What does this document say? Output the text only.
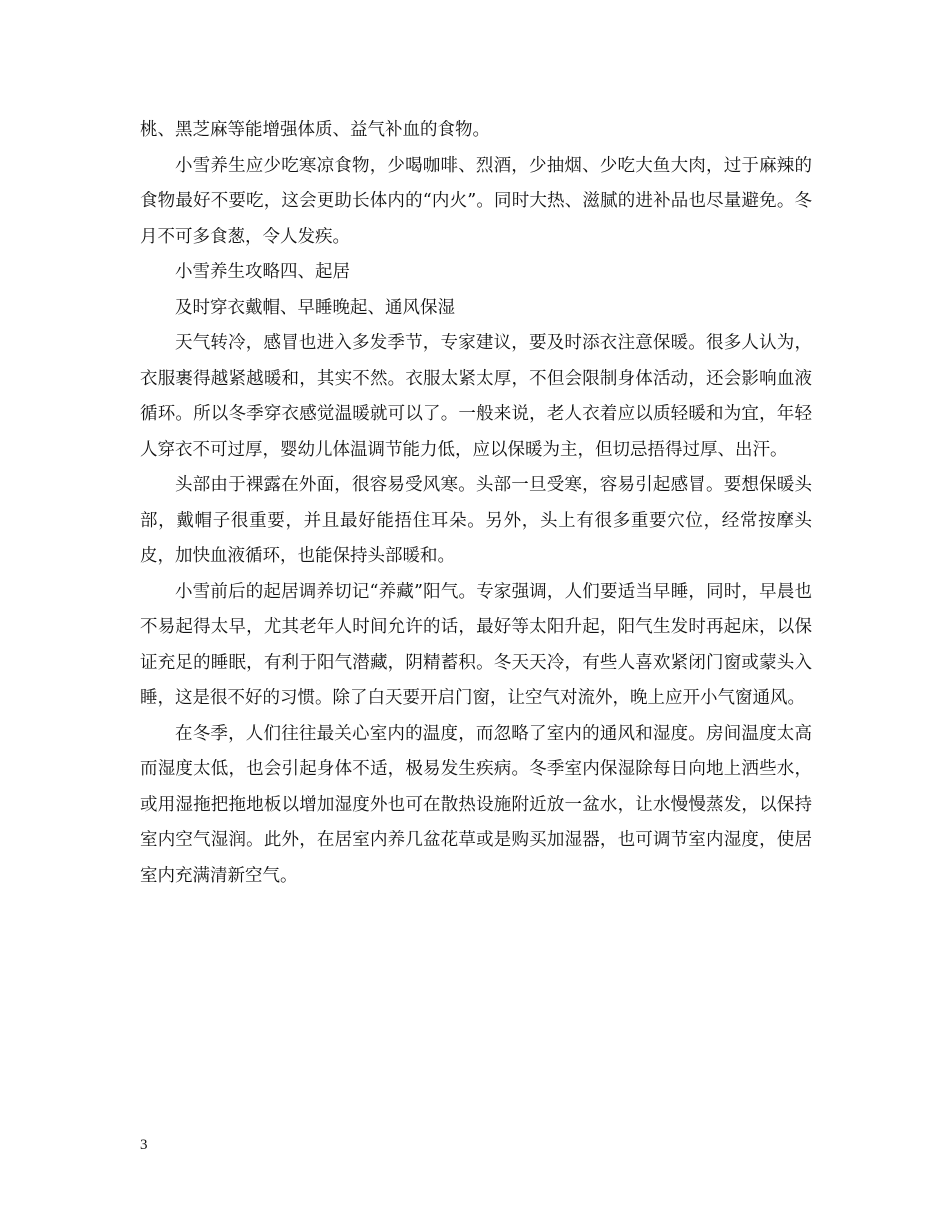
桃、黑芝麻等能增强体质、益气补血的食物。

小雪养生应少吃寒凉食物，少喝咖啡、烈酒，少抽烟、少吃大鱼大肉，过于麻辣的食物最好不要吃，这会更助长体内的“内火”。同时大热、滋腻的进补品也尽量避免。冬月不可多食葱，令人发疾。

小雪养生攻略四、起居

及时穿衣戴帽、早睡晚起、通风保湿

天气转冷，感冒也进入多发季节，专家建议，要及时添衣注意保暖。很多人认为，衣服裹得越紧越暖和，其实不然。衣服太紧太厚，不但会限制身体活动，还会影响血液循环。所以冬季穿衣感觉温暖就可以了。一般来说，老人衣着应以质轻暖和为宜，年轻人穿衣不可过厚，婴幼儿体温调节能力低，应以保暖为主，但切忌捂得过厚、出汗。

头部由于裸露在外面，很容易受风寒。头部一旦受寒，容易引起感冒。要想保暖头部，戴帽子很重要，并且最好能捂住耳朵。另外，头上有很多重要穴位，经常按摩头皮，加快血液循环，也能保持头部暖和。

小雪前后的起居调养切记“养藏”阳气。专家强调，人们要适当早睡，同时，早晨也不易起得太早，尤其老年人时间允许的话，最好等太阳升起，阳气生发时再起床，以保证充足的睡眠，有利于阳气潜藏，阴精蓄积。冬天天冷，有些人喜欢紧闭门窗或蒙头入睡，这是很不好的习惯。除了白天要开启门窗，让空气对流外，晚上应开小气窗通风。

在冬季，人们往往最关心室内的温度，而忽略了室内的通风和湿度。房间温度太高而湿度太低，也会引起身体不适，极易发生疾病。冬季室内保湿除每日向地上洒些水，或用湿拖把拖地板以增加湿度外也可在散热设施附近放一盆水，让水慢慢蒸发，以保持室内空气湿润。此外，在居室内养几盆花草或是购买加湿器，也可调节室内湿度，使居室内充满清新空气。

3
